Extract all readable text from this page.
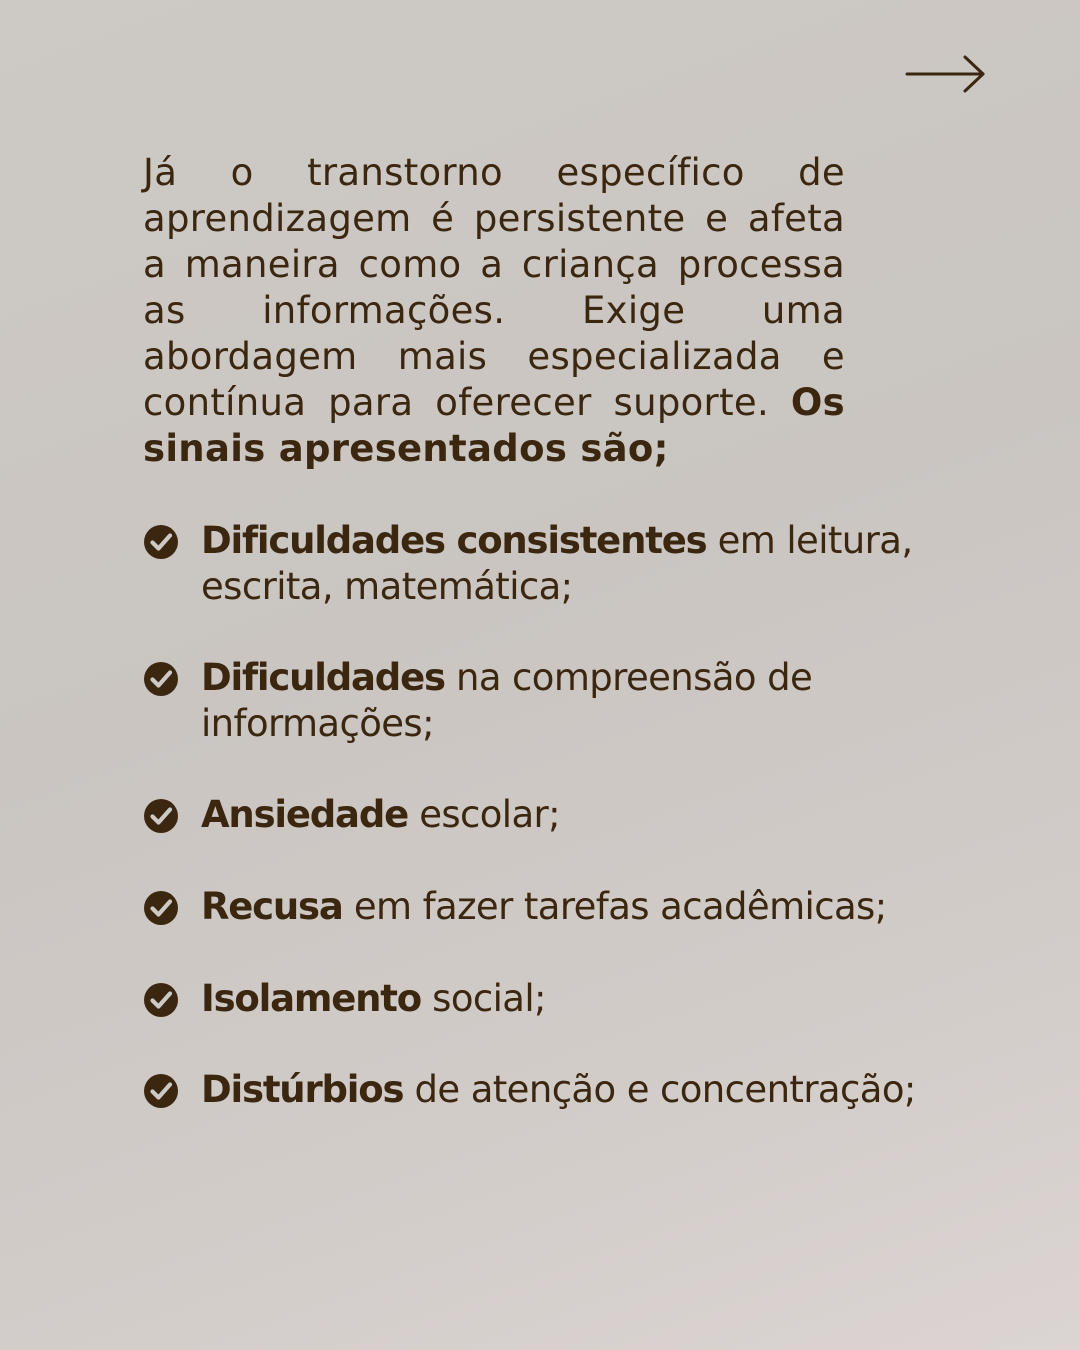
Já o transtorno específico de aprendizagem é persistente e afeta a maneira como a criança processa as informações. Exige uma abordagem mais especializada e contínua para oferecer suporte. Os sinais apresentados são;

Dificuldades consistentes em leitura, escrita, matemática;
Dificuldades na compreensão de informações;
Ansiedade escolar;
Recusa em fazer tarefas acadêmicas;
Isolamento social;
Distúrbios de atenção e concentração;
